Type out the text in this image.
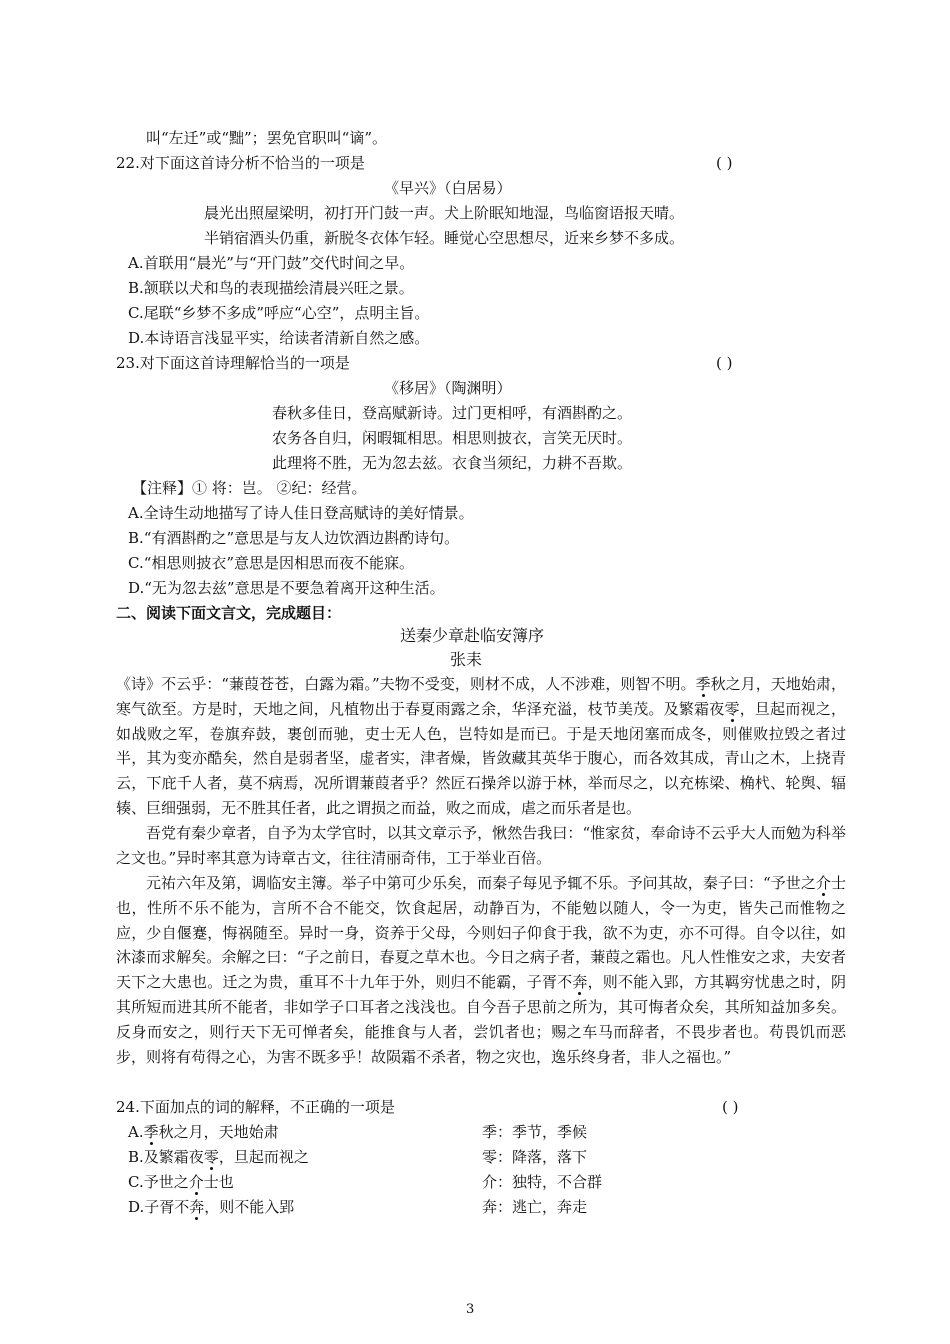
叫“左迁”或“黜”；罢免官职叫“谪”。
22.对下面这首诗分析不恰当的一项是	( )
《早兴》（白居易）
晨光出照屋梁明，初打开门鼓一声。犬上阶眠知地湿，鸟临窗语报天晴。
半销宿酒头仍重，新脱冬衣体乍轻。睡觉心空思想尽，近来乡梦不多成。
A.首联用“晨光”与“开门鼓”交代时间之早。
B.颔联以犬和鸟的表现描绘清晨兴旺之景。
C.尾联“乡梦不多成”呼应“心空”，点明主旨。
D.本诗语言浅显平实，给读者清新自然之感。
23.对下面这首诗理解恰当的一项是	( )
《移居》（陶渊明）
春秋多佳日，登高赋新诗。过门更相呼，有酒斟酌之。
农务各自归，闲暇辄相思。相思则披衣，言笑无厌时。
此理将不胜，无为忽去兹。衣食当须纪，力耕不吾欺。
【注释】① 将：岂。 ②纪：经营。
A.全诗生动地描写了诗人佳日登高赋诗的美好情景。
B.“有酒斟酌之”意思是与友人边饮酒边斟酌诗句。
C.“相思则披衣”意思是因相思而夜不能寐。
D.“无为忽去兹”意思是不要急着离开这种生活。
二、阅读下面文言文，完成题目：
送秦少章赴临安簿序
张耒
《诗》不云乎：“蒹葭苍苍，白露为霜。”夫物不受变，则材不成，人不涉难，则智不明。季秋之月，天地始肃，寒气欲至。方是时，天地之间，凡植物出于春夏雨露之余，华泽充溢，枝节美茂。及繁霜夜零，旦起而视之，如战败之军，卷旗弃鼓，裹创而驰，吏士无人色，岂特如是而已。于是天地闭塞而成冬，则催败拉毁之者过半，其为变亦酷矣，然自是弱者坚，虚者实，津者燥，皆敛藏其英华于腹心，而各效其成，青山之木，上挠青云，下庇千人者，莫不病焉，况所谓蒹葭者乎？然匠石操斧以游于林，举而尽之，以充栋梁、桷杙、轮舆、辐辏、巨细强弱，无不胜其任者，此之谓损之而益，败之而成，虐之而乐者是也。
吾党有秦少章者，自予为太学官时，以其文章示予，愀然告我曰：“惟家贫，奉命诗不云乎大人而勉为科举之文也。”异时率其意为诗章古文，往往清丽奇伟，工于举业百倍。
元祐六年及第，调临安主簿。举子中第可少乐矣，而秦子每见予辄不乐。予问其故，秦子曰：“予世之介士也，性所不乐不能为，言所不合不能交，饮食起居，动静百为，不能勉以随人，令一为吏，皆失己而惟物之应，少自偃蹇，悔祸随至。异时一身，资养于父母，今则妇子仰食于我，欲不为吏，亦不可得。自令以往，如沐漆而求解矣。余解之曰：“子之前日，春夏之草木也。今日之病子者，蒹葭之霜也。凡人性惟安之求，夫安者天下之大患也。迁之为贵，重耳不十九年于外，则归不能霸，子胥不奔，则不能入郢，方其羁穷忧患之时，阴其所短而进其所不能者，非如学子口耳者之浅浅也。自今吾子思前之所为，其可悔者众矣，其所知益加多矣。反身而安之，则行天下无可惮者矣，能推食与人者，尝饥者也；赐之车马而辞者，不畏步者也。苟畏饥而恶步，则将有苟得之心，为害不既多乎！故陨霜不杀者，物之灾也，逸乐终身者，非人之福也。”
24.下面加点的词的解释，不正确的一项是	( )
A.季秋之月，天地始肃	季：季节，季候
B.及繁霜夜零，旦起而视之	零：降落，落下
C.予世之介士也	介：独特，不合群
D.子胥不奔，则不能入郢	奔：逃亡，奔走
3
